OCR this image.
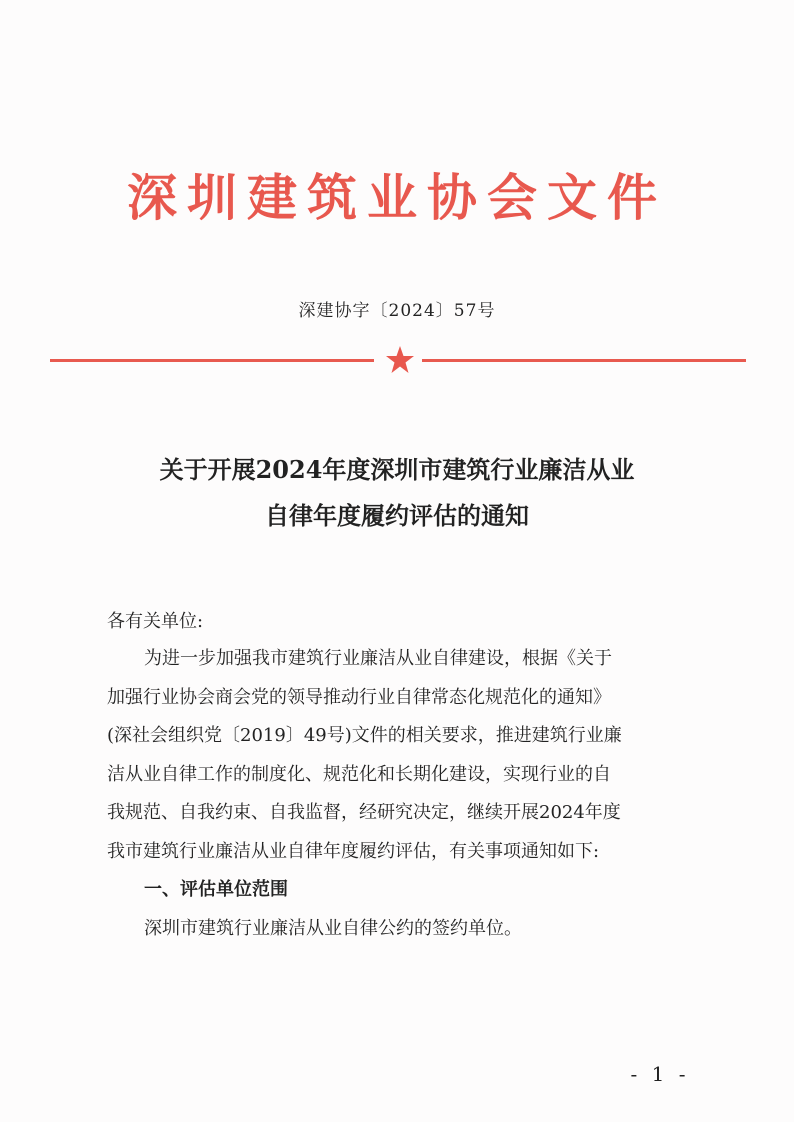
深圳建筑业协会文件
深建协字〔2024〕57号
关于开展2024年度深圳市建筑行业廉洁从业
自律年度履约评估的通知
各有关单位:
为进一步加强我市建筑行业廉洁从业自律建设，根据《关于
加强行业协会商会党的领导推动行业自律常态化规范化的通知》
(深社会组织党〔2019〕49号)文件的相关要求，推进建筑行业廉
洁从业自律工作的制度化、规范化和长期化建设，实现行业的自
我规范、自我约束、自我监督，经研究决定，继续开展2024年度
我市建筑行业廉洁从业自律年度履约评估，有关事项通知如下:
一、评估单位范围
深圳市建筑行业廉洁从业自律公约的签约单位。
- 1 -
